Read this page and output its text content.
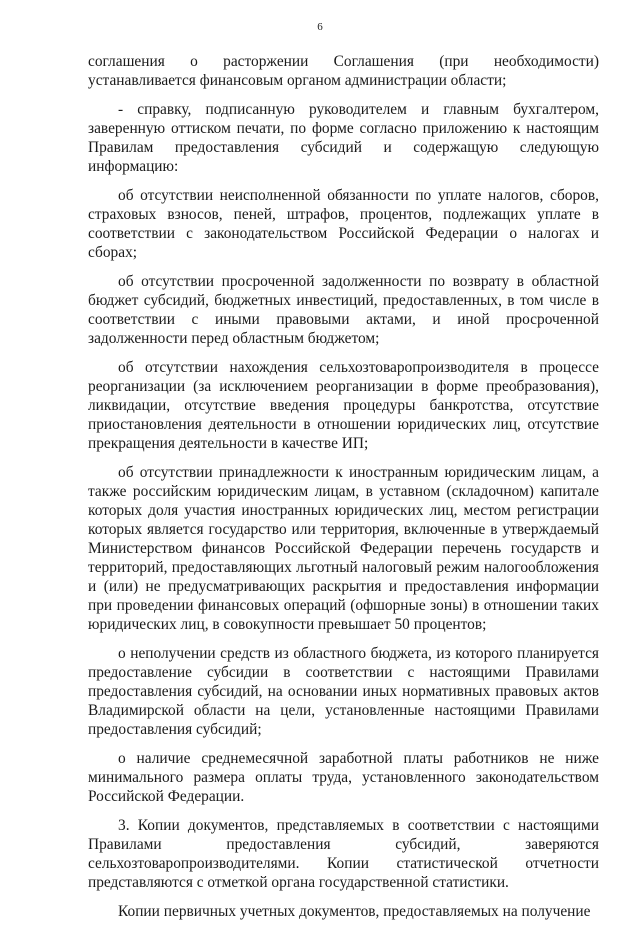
6

соглашения о расторжении Соглашения (при необходимости) устанавливается финансовым органом администрации области;

- справку, подписанную руководителем и главным бухгалтером, заверенную оттиском печати, по форме согласно приложению к настоящим Правилам предоставления субсидий и содержащую следующую информацию:

об отсутствии неисполненной обязанности по уплате налогов, сборов, страховых взносов, пеней, штрафов, процентов, подлежащих уплате в соответствии с законодательством Российской Федерации о налогах и сборах;

об отсутствии просроченной задолженности по возврату в областной бюджет субсидий, бюджетных инвестиций, предоставленных, в том числе в соответствии с иными правовыми актами, и иной просроченной задолженности перед областным бюджетом;

об отсутствии нахождения сельхозтоваропроизводителя в процессе реорганизации (за исключением реорганизации в форме преобразования), ликвидации, отсутствие введения процедуры банкротства, отсутствие приостановления деятельности в отношении юридических лиц, отсутствие прекращения деятельности в качестве ИП;

об отсутствии принадлежности к иностранным юридическим лицам, а также российским юридическим лицам, в уставном (складочном) капитале которых доля участия иностранных юридических лиц, местом регистрации которых является государство или территория, включенные в утверждаемый Министерством финансов Российской Федерации перечень государств и территорий, предоставляющих льготный налоговый режим налогообложения и (или) не предусматривающих раскрытия и предоставления информации при проведении финансовых операций (офшорные зоны) в отношении таких юридических лиц, в совокупности превышает 50 процентов;

о неполучении средств из областного бюджета, из которого планируется предоставление субсидии в соответствии с настоящими Правилами предоставления субсидий, на основании иных нормативных правовых актов Владимирской области на цели, установленные настоящими Правилами предоставления субсидий;

о наличие среднемесячной заработной платы работников не ниже минимального размера оплаты труда, установленного законодательством Российской Федерации.

3. Копии документов, представляемых в соответствии с настоящими Правилами предоставления субсидий, заверяются сельхозтоваропроизводителями. Копии статистической отчетности представляются с отметкой органа государственной статистики.

Копии первичных учетных документов, предоставляемых на получение
